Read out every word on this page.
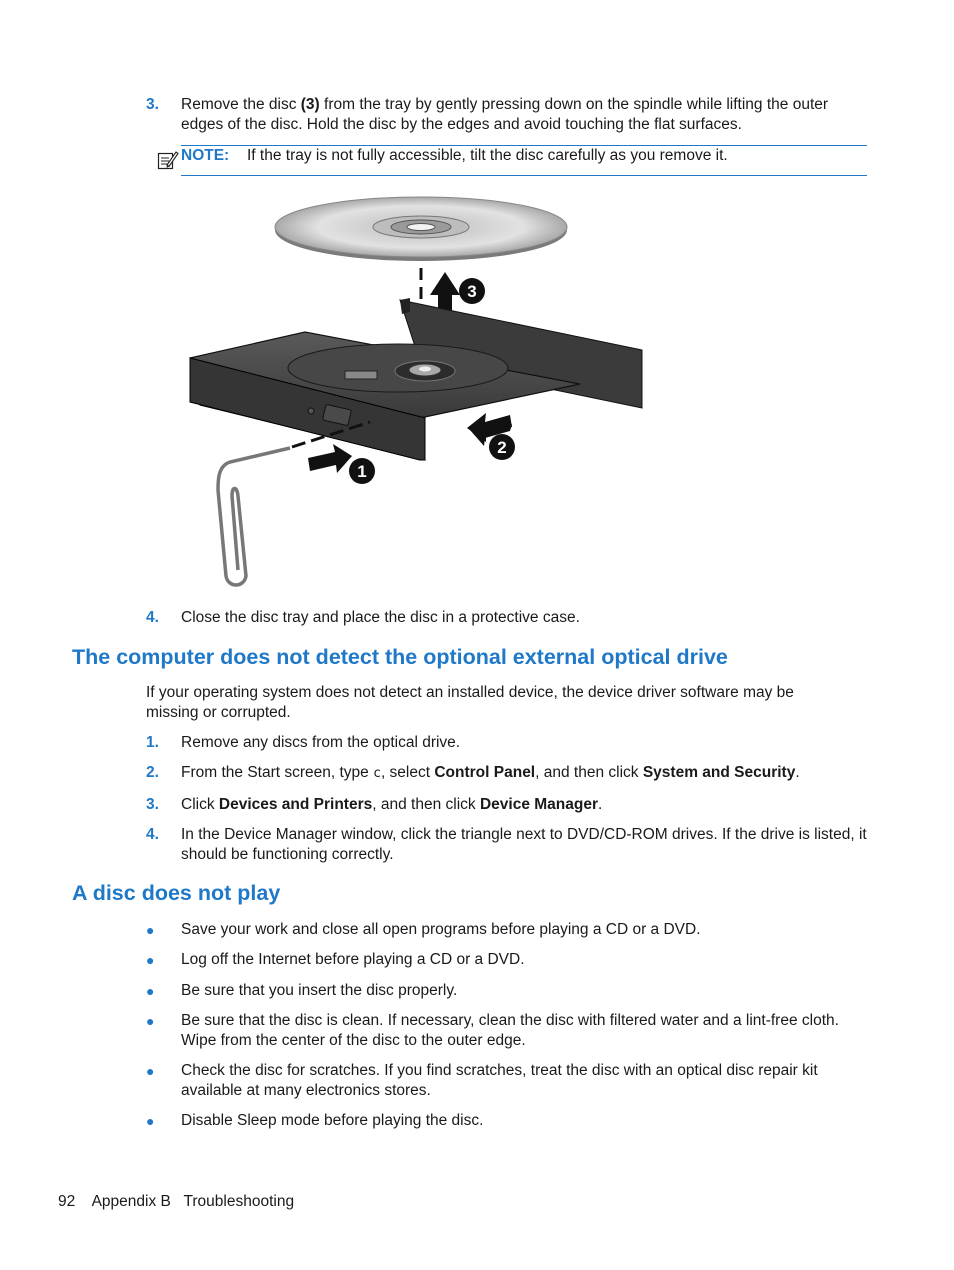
3. Remove the disc (3) from the tray by gently pressing down on the spindle while lifting the outer edges of the disc. Hold the disc by the edges and avoid touching the flat surfaces.
NOTE: If the tray is not fully accessible, tilt the disc carefully as you remove it.
1
2
3
4. Close the disc tray and place the disc in a protective case.
The computer does not detect the optional external optical drive
If your operating system does not detect an installed device, the device driver software may be missing or corrupted.
1. Remove any discs from the optical drive.
2. From the Start screen, type c, select Control Panel, and then click System and Security.
3. Click Devices and Printers, and then click Device Manager.
4. In the Device Manager window, click the triangle next to DVD/CD-ROM drives. If the drive is listed, it should be functioning correctly.
A disc does not play
● Save your work and close all open programs before playing a CD or a DVD.
● Log off the Internet before playing a CD or a DVD.
● Be sure that you insert the disc properly.
● Be sure that the disc is clean. If necessary, clean the disc with filtered water and a lint-free cloth. Wipe from the center of the disc to the outer edge.
● Check the disc for scratches. If you find scratches, treat the disc with an optical disc repair kit available at many electronics stores.
● Disable Sleep mode before playing the disc.
92 Appendix B   Troubleshooting
